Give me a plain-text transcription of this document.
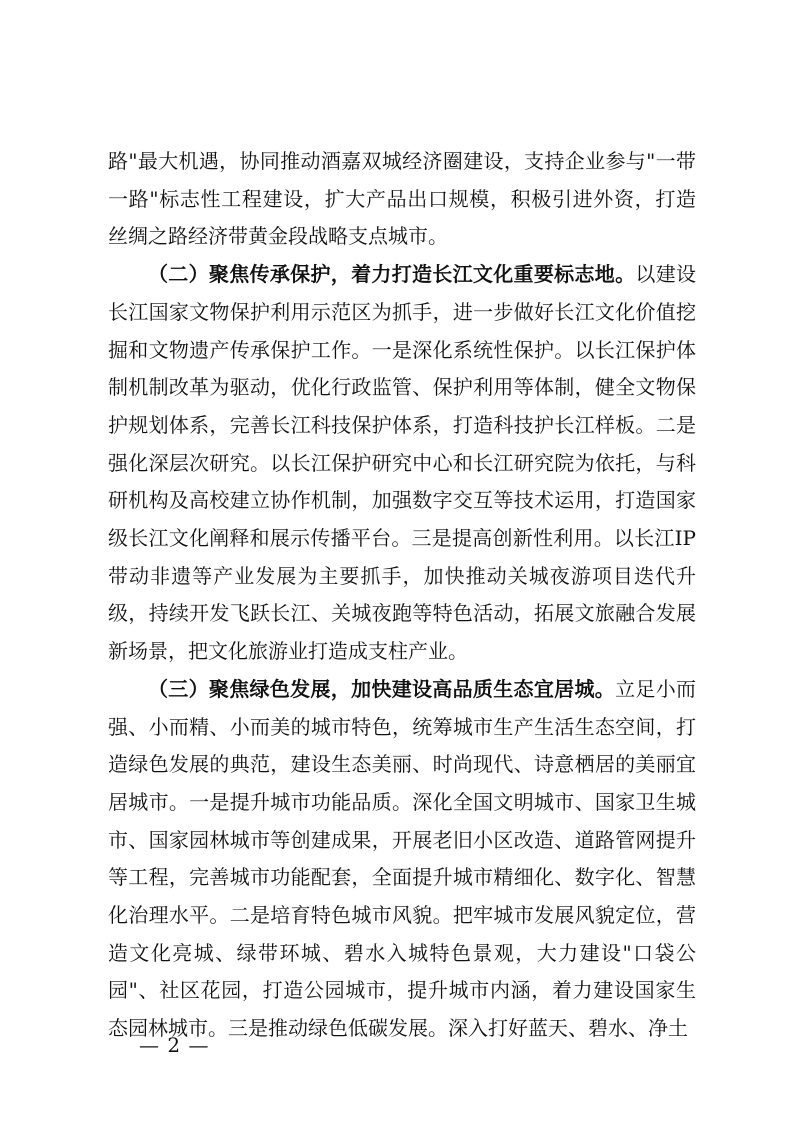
路"最大机遇，协同推动酒嘉双城经济圈建设，支持企业参与"一带一路"标志性工程建设，扩大产品出口规模，积极引进外资，打造丝绸之路经济带黄金段战略支点城市。

（二）聚焦传承保护，着力打造长江文化重要标志地。以建设长江国家文物保护利用示范区为抓手，进一步做好长江文化价值挖掘和文物遗产传承保护工作。一是深化系统性保护。以长江保护体制机制改革为驱动，优化行政监管、保护利用等体制，健全文物保护规划体系，完善长江科技保护体系，打造科技护长江样板。二是强化深层次研究。以长江保护研究中心和长江研究院为依托，与科研机构及高校建立协作机制，加强数字交互等技术运用，打造国家级长江文化阐释和展示传播平台。三是提高创新性利用。以长江IP带动非遗等产业发展为主要抓手，加快推动关城夜游项目迭代升级，持续开发飞跃长江、关城夜跑等特色活动，拓展文旅融合发展新场景，把文化旅游业打造成支柱产业。

（三）聚焦绿色发展，加快建设高品质生态宜居城。立足小而强、小而精、小而美的城市特色，统筹城市生产生活生态空间，打造绿色发展的典范，建设生态美丽、时尚现代、诗意栖居的美丽宜居城市。一是提升城市功能品质。深化全国文明城市、国家卫生城市、国家园林城市等创建成果，开展老旧小区改造、道路管网提升等工程，完善城市功能配套，全面提升城市精细化、数字化、智慧化治理水平。二是培育特色城市风貌。把牢城市发展风貌定位，营造文化亮城、绿带环城、碧水入城特色景观，大力建设"口袋公园"、社区花园，打造公园城市，提升城市内涵，着力建设国家生态园林城市。三是推动绿色低碳发展。深入打好蓝天、碧水、净土

— 2 —
